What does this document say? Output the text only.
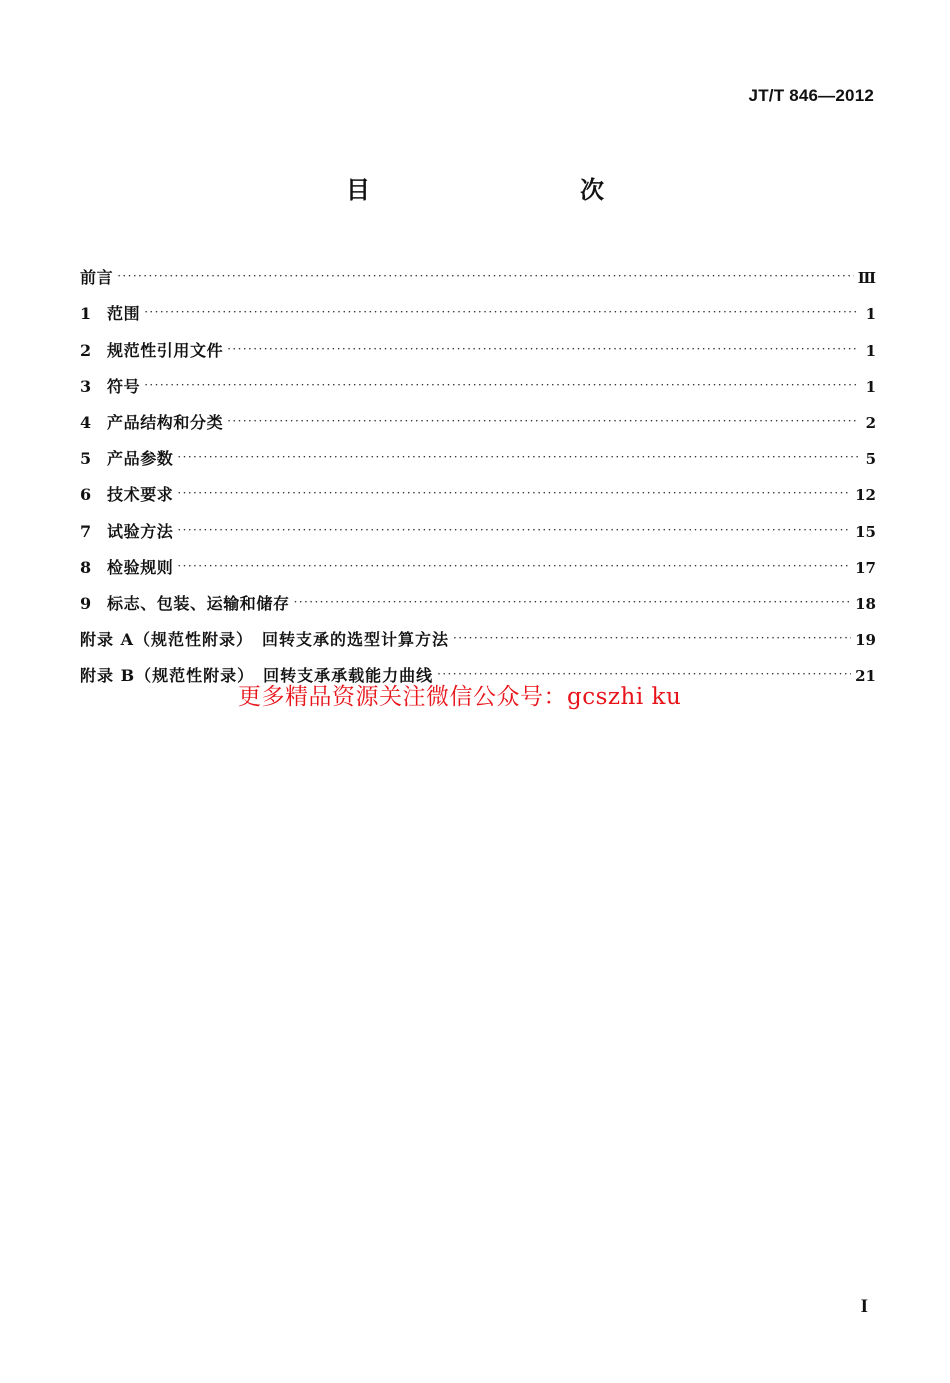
JT/T 846—2012
目　　次
前言 ·····	Ⅲ
1 范围 ·····	1
2 规范性引用文件 ·····	1
3 符号 ·····	1
4 产品结构和分类 ·····	2
5 产品参数 ·····	5
6 技术要求 ·····	12
7 试验方法 ·····	15
8 检验规则 ·····	17
9 标志、包装、运输和储存 ·····	18
附录 A（规范性附录）　回转支承的选型计算方法 ·····	19
附录 B（规范性附录）　回转支承承载能力曲线 ·····	21
更多精品资源关注微信公众号：gcszhi ku
I
